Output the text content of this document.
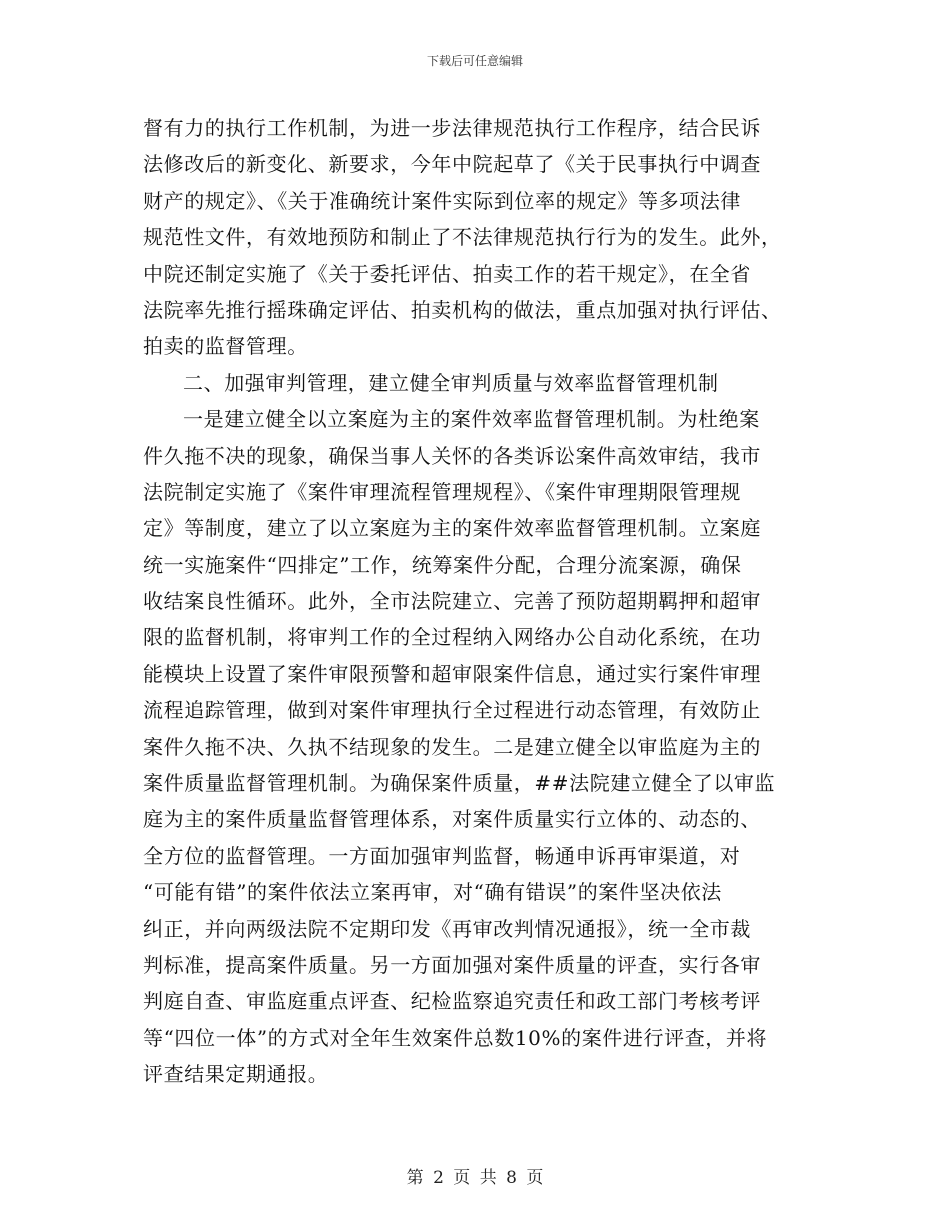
下载后可任意编辑
督有力的执行工作机制，为进一步法律规范执行工作程序，结合民诉
法修改后的新变化、新要求，今年中院起草了《关于民事执行中调查
财产的规定》、《关于准确统计案件实际到位率的规定》等多项法律
规范性文件，有效地预防和制止了不法律规范执行行为的发生。此外，
中院还制定实施了《关于委托评估、拍卖工作的若干规定》，在全省
法院率先推行摇珠确定评估、拍卖机构的做法，重点加强对执行评估、
拍卖的监督管理。
二、加强审判管理，建立健全审判质量与效率监督管理机制
一是建立健全以立案庭为主的案件效率监督管理机制。为杜绝案
件久拖不决的现象，确保当事人关怀的各类诉讼案件高效审结，我市
法院制定实施了《案件审理流程管理规程》、《案件审理期限管理规
定》等制度，建立了以立案庭为主的案件效率监督管理机制。立案庭
统一实施案件“四排定”工作，统筹案件分配，合理分流案源，确保
收结案良性循环。此外，全市法院建立、完善了预防超期羁押和超审
限的监督机制，将审判工作的全过程纳入网络办公自动化系统，在功
能模块上设置了案件审限预警和超审限案件信息，通过实行案件审理
流程追踪管理，做到对案件审理执行全过程进行动态管理，有效防止
案件久拖不决、久执不结现象的发生。二是建立健全以审监庭为主的
案件质量监督管理机制。为确保案件质量，##法院建立健全了以审监
庭为主的案件质量监督管理体系，对案件质量实行立体的、动态的、
全方位的监督管理。一方面加强审判监督，畅通申诉再审渠道，对
“可能有错”的案件依法立案再审，对“确有错误”的案件坚决依法
纠正，并向两级法院不定期印发《再审改判情况通报》，统一全市裁
判标准，提高案件质量。另一方面加强对案件质量的评查，实行各审
判庭自查、审监庭重点评查、纪检监察追究责任和政工部门考核考评
等“四位一体”的方式对全年生效案件总数10%的案件进行评查，并将
评查结果定期通报。
第 2 页 共 8 页
